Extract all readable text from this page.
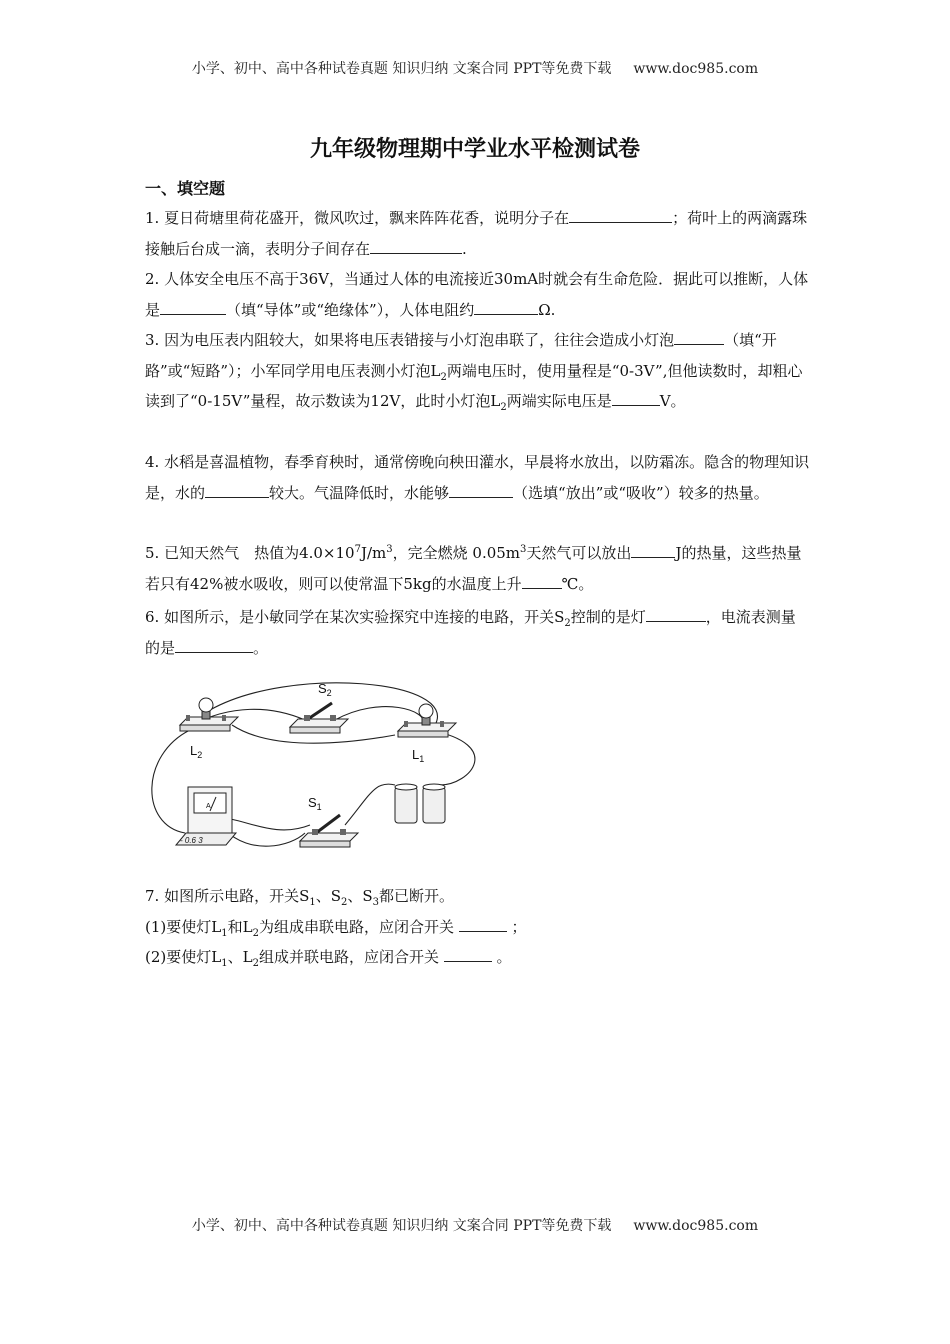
小学、初中、高中各种试卷真题 知识归纳 文案合同 PPT等免费下载 www.doc985.com
九年级物理期中学业水平检测试卷
一、填空题
1. 夏日荷塘里荷花盛开，微风吹过，飘来阵阵花香，说明分子在	；荷叶上的两滴露珠接触后台成一滴，表明分子间存在	.
2. 人体安全电压不高于36V，当通过人体的电流接近30mA时就会有生命危险．据此可以推断，人体是	（填“导体”或“绝缘体”），人体电阻约	Ω.
3. 因为电压表内阻较大，如果将电压表错接与小灯泡串联了，往往会造成小灯泡	（填“开路”或“短路”）；小军同学用电压表测小灯泡$L_2$两端电压时，使用量程是“0-3V”,但他读数时，却粗心读到了“0-15V”量程，故示数读为12V，此时小灯泡$L_2$两端实际电压是	V。
4. 水稻是喜温植物，春季育秧时，通常傍晚向秧田灌水，早晨将水放出，以防霜冻。隐含的物理知识是，水的	较大。气温降低时，水能够	（选填“放出”或“吸收”）较多的热量。
5. 已知天然气　热值为$4.0\times 10^7J/m^3$，完全燃烧 $0.05m^3$天然气可以放出	J的热量，这些热量若只有42%被水吸收，则可以使常温下5kg的水温度上升	℃。
6. 如图所示，是小敏同学在某次实验探究中连接的电路，开关$S_2$控制的是灯	，电流表测量的是	。
$S_2$
$L_2$	$L_1$
$S_1$
A
- 0.6 3
7. 如图所示电路，开关$S_1$、$S_2$、$S_3$都已断开。
(1)要使灯$L_1$和$L_2$为组成串联电路，应闭合开关	；
(2)要使灯$L_1$、$L_2$组成并联电路，应闭合开关	。
小学、初中、高中各种试卷真题 知识归纳 文案合同 PPT等免费下载 www.doc985.com
